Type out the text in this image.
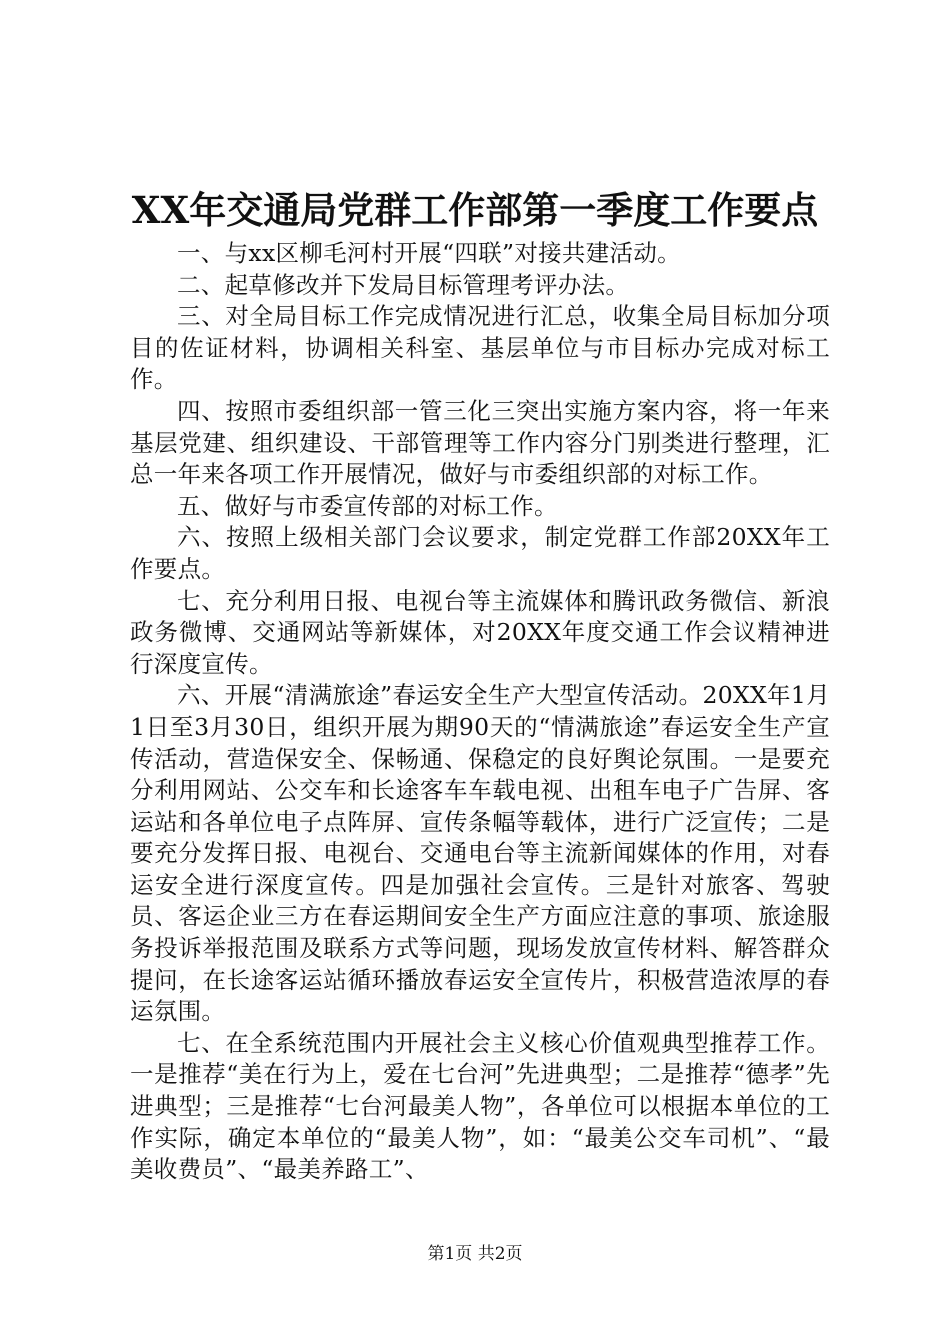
XX年交通局党群工作部第一季度工作要点

一、与xx区柳毛河村开展“四联”对接共建活动。

二、起草修改并下发局目标管理考评办法。

三、对全局目标工作完成情况进行汇总，收集全局目标加分项目的佐证材料，协调相关科室、基层单位与市目标办完成对标工作。

四、按照市委组织部一管三化三突出实施方案内容，将一年来基层党建、组织建设、干部管理等工作内容分门别类进行整理，汇总一年来各项工作开展情况，做好与市委组织部的对标工作。

五、做好与市委宣传部的对标工作。

六、按照上级相关部门会议要求，制定党群工作部20XX年工作要点。

七、充分利用日报、电视台等主流媒体和腾讯政务微信、新浪政务微博、交通网站等新媒体，对20XX年度交通工作会议精神进行深度宣传。

六、开展“清满旅途”春运安全生产大型宣传活动。20XX年1月1日至3月30日，组织开展为期90天的“情满旅途”春运安全生产宣传活动，营造保安全、保畅通、保稳定的良好舆论氛围。一是要充分利用网站、公交车和长途客车车载电视、出租车电子广告屏、客运站和各单位电子点阵屏、宣传条幅等载体，进行广泛宣传；二是要充分发挥日报、电视台、交通电台等主流新闻媒体的作用，对春运安全进行深度宣传。四是加强社会宣传。三是针对旅客、驾驶员、客运企业三方在春运期间安全生产方面应注意的事项、旅途服务投诉举报范围及联系方式等问题，现场发放宣传材料、解答群众提问，在长途客运站循环播放春运安全宣传片，积极营造浓厚的春运氛围。

七、在全系统范围内开展社会主义核心价值观典型推荐工作。一是推荐“美在行为上，爱在七台河”先进典型；二是推荐“德孝”先进典型；三是推荐“七台河最美人物”，各单位可以根据本单位的工作实际，确定本单位的“最美人物”，如：“最美公交车司机”、“最美收费员”、“最美养路工”、

第1页 共2页
